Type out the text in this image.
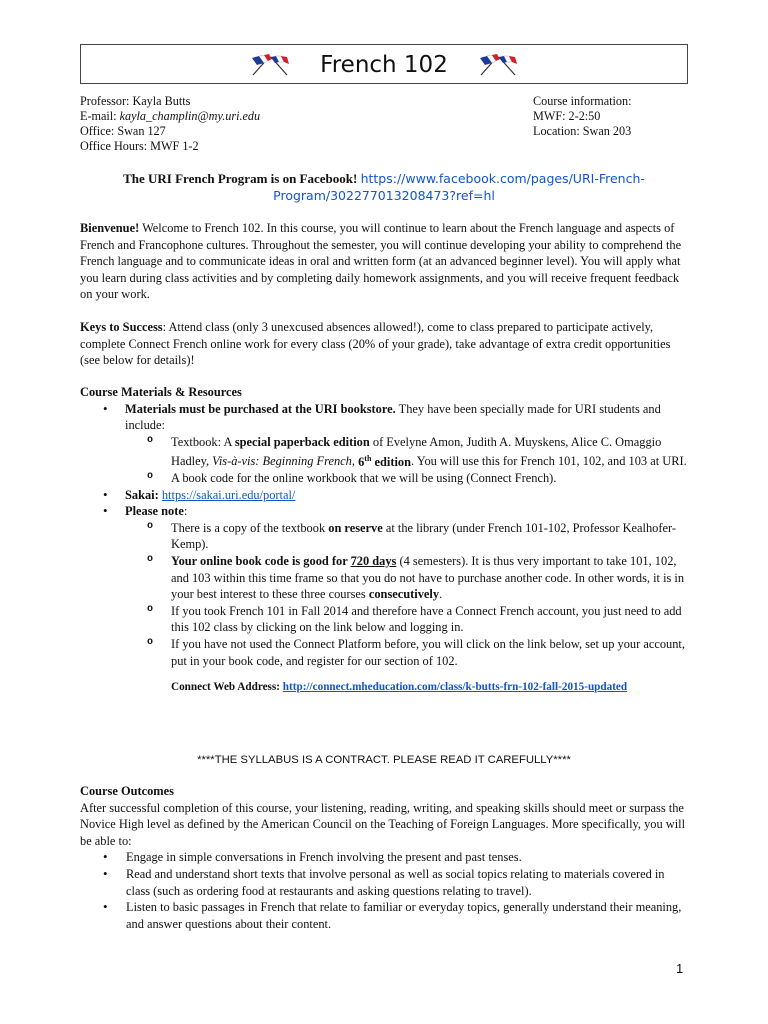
French 102
Professor: Kayla Butts
E-mail: kayla_champlin@my.uri.edu
Office: Swan 127
Office Hours: MWF 1-2
Course information:
MWF: 2-2:50
Location: Swan 203
The URI French Program is on Facebook! https://www.facebook.com/pages/URI-French-Program/302277013208473?ref=hl
Bienvenue! Welcome to French 102. In this course, you will continue to learn about the French language and aspects of French and Francophone cultures. Throughout the semester, you will continue developing your ability to comprehend the French language and to communicate ideas in oral and written form (at an advanced beginner level). You will apply what you learn during class activities and by completing daily homework assignments, and you will receive frequent feedback on your work.
Keys to Success: Attend class (only 3 unexcused absences allowed!), come to class prepared to participate actively, complete Connect French online work for every class (20% of your grade), take advantage of extra credit opportunities (see below for details)!
Course Materials & Resources
• Materials must be purchased at the URI bookstore. They have been specially made for URI students and include:
o Textbook: A special paperback edition of Evelyne Amon, Judith A. Muyskens, Alice C. Omaggio Hadley, Vis-à-vis: Beginning French, 6th edition. You will use this for French 101, 102, and 103 at URI.
o A book code for the online workbook that we will be using (Connect French).
• Sakai: https://sakai.uri.edu/portal/
• Please note:
o There is a copy of the textbook on reserve at the library (under French 101-102, Professor Kealhofer-Kemp).
o Your online book code is good for 720 days (4 semesters). It is thus very important to take 101, 102, and 103 within this time frame so that you do not have to purchase another code. In other words, it is in your best interest to these three courses consecutively.
o If you took French 101 in Fall 2014 and therefore have a Connect French account, you just need to add this 102 class by clicking on the link below and logging in.
o If you have not used the Connect Platform before, you will click on the link below, set up your account, put in your book code, and register for our section of 102.
Connect Web Address: http://connect.mheducation.com/class/k-butts-frn-102-fall-2015-updated
****THE SYLLABUS IS A CONTRACT. PLEASE READ IT CAREFULLY****
Course Outcomes
After successful completion of this course, your listening, reading, writing, and speaking skills should meet or surpass the Novice High level as defined by the American Council on the Teaching of Foreign Languages. More specifically, you will be able to:
• Engage in simple conversations in French involving the present and past tenses.
• Read and understand short texts that involve personal as well as social topics relating to materials covered in class (such as ordering food at restaurants and asking questions relating to travel).
• Listen to basic passages in French that relate to familiar or everyday topics, generally understand their meaning, and answer questions about their content.
1
